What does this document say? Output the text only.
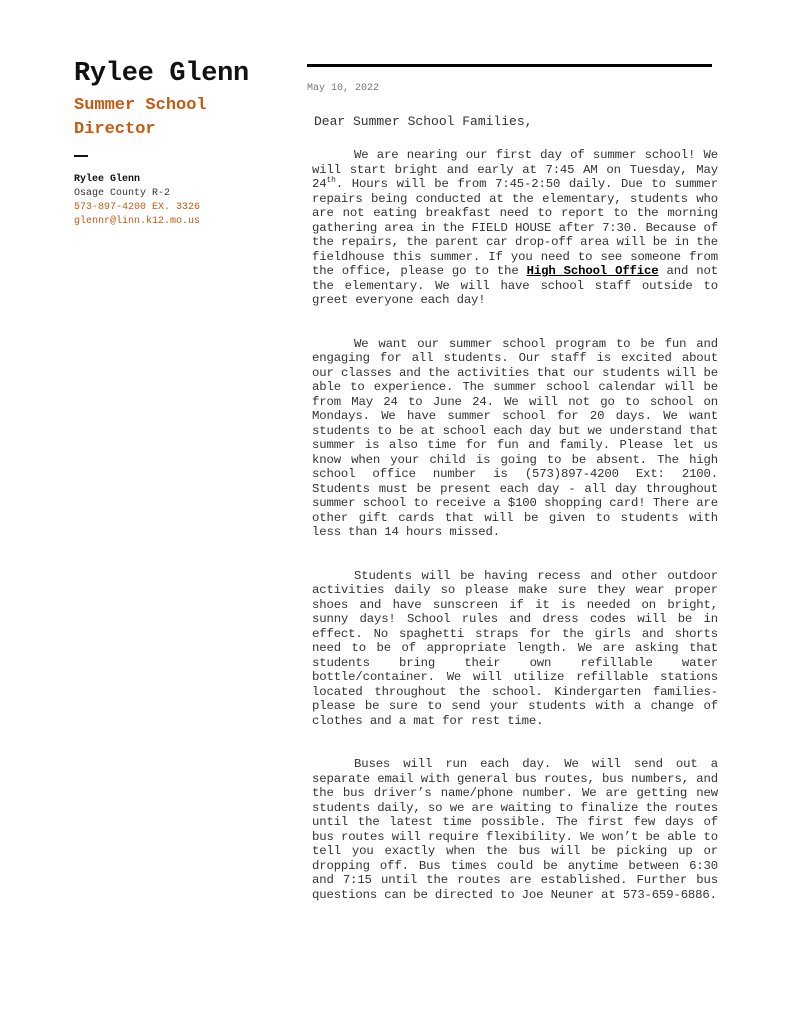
Rylee Glenn
Summer School
Director
Rylee Glenn
Osage County R-2
573-897-4200 EX. 3326
glennr@linn.k12.mo.us
May 10, 2022
Dear Summer School Families,

We are nearing our first day of summer school! We will start bright and early at 7:45 AM on Tuesday, May 24th. Hours will be from 7:45-2:50 daily. Due to summer repairs being conducted at the elementary, students who are not eating breakfast need to report to the morning gathering area in the FIELD HOUSE after 7:30. Because of the repairs, the parent car drop-off area will be in the fieldhouse this summer. If you need to see someone from the office, please go to the High School Office and not the elementary. We will have school staff outside to greet everyone each day!

We want our summer school program to be fun and engaging for all students. Our staff is excited about our classes and the activities that our students will be able to experience. The summer school calendar will be from May 24 to June 24. We will not go to school on Mondays. We have summer school for 20 days. We want students to be at school each day but we understand that summer is also time for fun and family. Please let us know when your child is going to be absent. The high school office number is (573)897-4200 Ext: 2100. Students must be present each day - all day throughout summer school to receive a $100 shopping card! There are other gift cards that will be given to students with less than 14 hours missed.

Students will be having recess and other outdoor activities daily so please make sure they wear proper shoes and have sunscreen if it is needed on bright, sunny days! School rules and dress codes will be in effect. No spaghetti straps for the girls and shorts need to be of appropriate length. We are asking that students bring their own refillable water bottle/container. We will utilize refillable stations located throughout the school. Kindergarten families- please be sure to send your students with a change of clothes and a mat for rest time.

Buses will run each day. We will send out a separate email with general bus routes, bus numbers, and the bus driver’s name/phone number. We are getting new students daily, so we are waiting to finalize the routes until the latest time possible. The first few days of bus routes will require flexibility. We won’t be able to tell you exactly when the bus will be picking up or dropping off. Bus times could be anytime between 6:30 and 7:15 until the routes are established. Further bus questions can be directed to Joe Neuner at 573-659-6886.
